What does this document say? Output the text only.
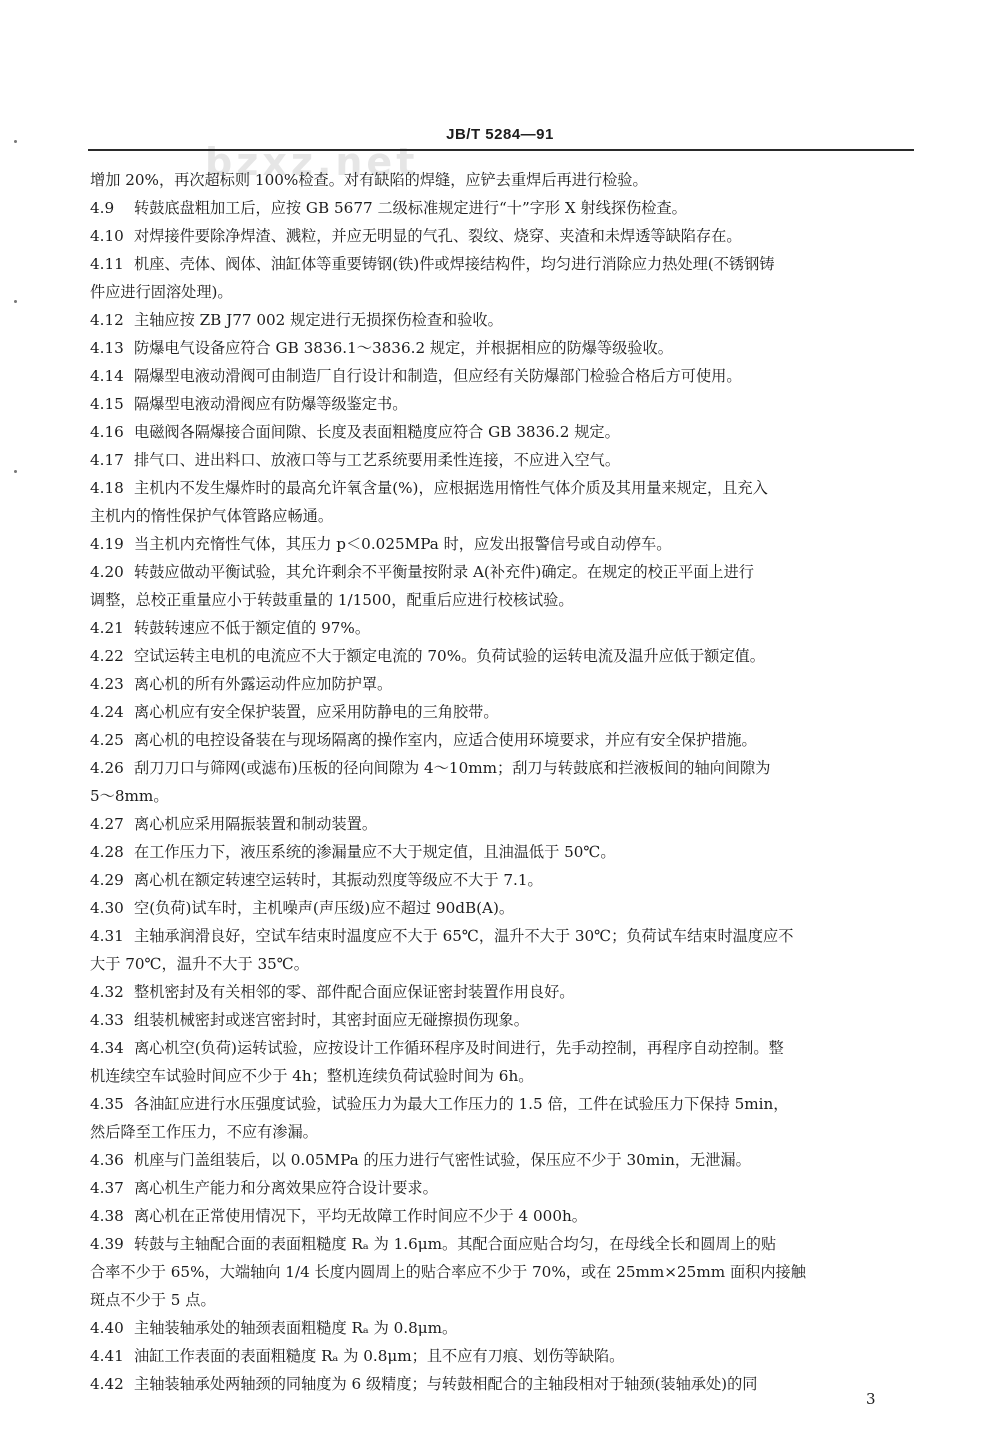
bzxz.net
JB/T 5284—91
增加 20%，再次超标则 100%检查。对有缺陷的焊缝，应铲去重焊后再进行检验。
4.9 转鼓底盘粗加工后，应按 GB 5677 二级标准规定进行“十”字形 X 射线探伤检查。
4.10 对焊接件要除净焊渣、溅粒，并应无明显的气孔、裂纹、烧穿、夹渣和未焊透等缺陷存在。
4.11 机座、壳体、阀体、油缸体等重要铸钢(铁)件或焊接结构件，均匀进行消除应力热处理(不锈钢铸
件应进行固溶处理)。
4.12 主轴应按 ZB J77 002 规定进行无损探伤检查和验收。
4.13 防爆电气设备应符合 GB 3836.1～3836.2 规定，并根据相应的防爆等级验收。
4.14 隔爆型电液动滑阀可由制造厂自行设计和制造，但应经有关防爆部门检验合格后方可使用。
4.15 隔爆型电液动滑阀应有防爆等级鉴定书。
4.16 电磁阀各隔爆接合面间隙、长度及表面粗糙度应符合 GB 3836.2 规定。
4.17 排气口、进出料口、放液口等与工艺系统要用柔性连接，不应进入空气。
4.18 主机内不发生爆炸时的最高允许氧含量(%)，应根据选用惰性气体介质及其用量来规定，且充入
主机内的惰性保护气体管路应畅通。
4.19 当主机内充惰性气体，其压力 p＜0.025MPa 时，应发出报警信号或自动停车。
4.20 转鼓应做动平衡试验，其允许剩余不平衡量按附录 A(补充件)确定。在规定的校正平面上进行
调整，总校正重量应小于转鼓重量的 1/1500，配重后应进行校核试验。
4.21 转鼓转速应不低于额定值的 97%。
4.22 空试运转主电机的电流应不大于额定电流的 70%。负荷试验的运转电流及温升应低于额定值。
4.23 离心机的所有外露运动件应加防护罩。
4.24 离心机应有安全保护装置，应采用防静电的三角胶带。
4.25 离心机的电控设备装在与现场隔离的操作室内，应适合使用环境要求，并应有安全保护措施。
4.26 刮刀刀口与筛网(或滤布)压板的径向间隙为 4～10mm；刮刀与转鼓底和拦液板间的轴向间隙为
5～8mm。
4.27 离心机应采用隔振装置和制动装置。
4.28 在工作压力下，液压系统的渗漏量应不大于规定值，且油温低于 50℃。
4.29 离心机在额定转速空运转时，其振动烈度等级应不大于 7.1。
4.30 空(负荷)试车时，主机噪声(声压级)应不超过 90dB(A)。
4.31 主轴承润滑良好，空试车结束时温度应不大于 65℃，温升不大于 30℃；负荷试车结束时温度应不
大于 70℃，温升不大于 35℃。
4.32 整机密封及有关相邻的零、部件配合面应保证密封装置作用良好。
4.33 组装机械密封或迷宫密封时，其密封面应无碰擦损伤现象。
4.34 离心机空(负荷)运转试验，应按设计工作循环程序及时间进行，先手动控制，再程序自动控制。整
机连续空车试验时间应不少于 4h；整机连续负荷试验时间为 6h。
4.35 各油缸应进行水压强度试验，试验压力为最大工作压力的 1.5 倍，工件在试验压力下保持 5min，
然后降至工作压力，不应有渗漏。
4.36 机座与门盖组装后，以 0.05MPa 的压力进行气密性试验，保压应不少于 30min，无泄漏。
4.37 离心机生产能力和分离效果应符合设计要求。
4.38 离心机在正常使用情况下，平均无故障工作时间应不少于 4 000h。
4.39 转鼓与主轴配合面的表面粗糙度 Rₐ 为 1.6μm。其配合面应贴合均匀，在母线全长和圆周上的贴
合率不少于 65%，大端轴向 1/4 长度内圆周上的贴合率应不少于 70%，或在 25mm×25mm 面积内接触
斑点不少于 5 点。
4.40 主轴装轴承处的轴颈表面粗糙度 Rₐ 为 0.8μm。
4.41 油缸工作表面的表面粗糙度 Rₐ 为 0.8μm；且不应有刀痕、划伤等缺陷。
4.42 主轴装轴承处两轴颈的同轴度为 6 级精度；与转鼓相配合的主轴段相对于轴颈(装轴承处)的同
3
